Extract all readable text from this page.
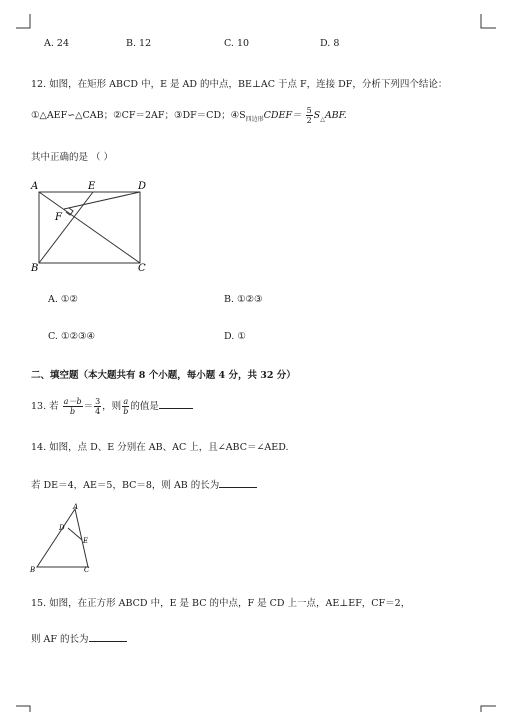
A. 24	B. 12	C. 10	D. 8
12. 如图，在矩形 ABCD 中，E 是 AD 的中点，BE⊥AC 于点 F，连接 DF，分析下列四个结论：
①△AEF∽△CAB；②CF＝2AF；③DF＝CD；$④S_{四边形}CDEF= \frac{5}{2} S_\triangle ABF$.
其中正确的是 （ ）
A	E	D
F
B	C
A. ①②	B. ①②③
C. ①②③④	D. ①
二、填空题（本大题共有 8 个小题，每小题 4 分，共 32 分）
13. 若 $\frac{a-b}{b} = \frac{3}{4}$ ，则 $\frac{a}{b}$ 的值是
14. 如图，点 D、E 分别在 AB、AC 上，且∠ABC＝∠AED.
若 DE＝4，AE＝5，BC＝8，则 AB 的长为
A
D
E
B	C
15. 如图，在正方形 ABCD 中，E 是 BC 的中点，F 是 CD 上一点，AE⊥EF，CF＝2，
则 AF 的长为
